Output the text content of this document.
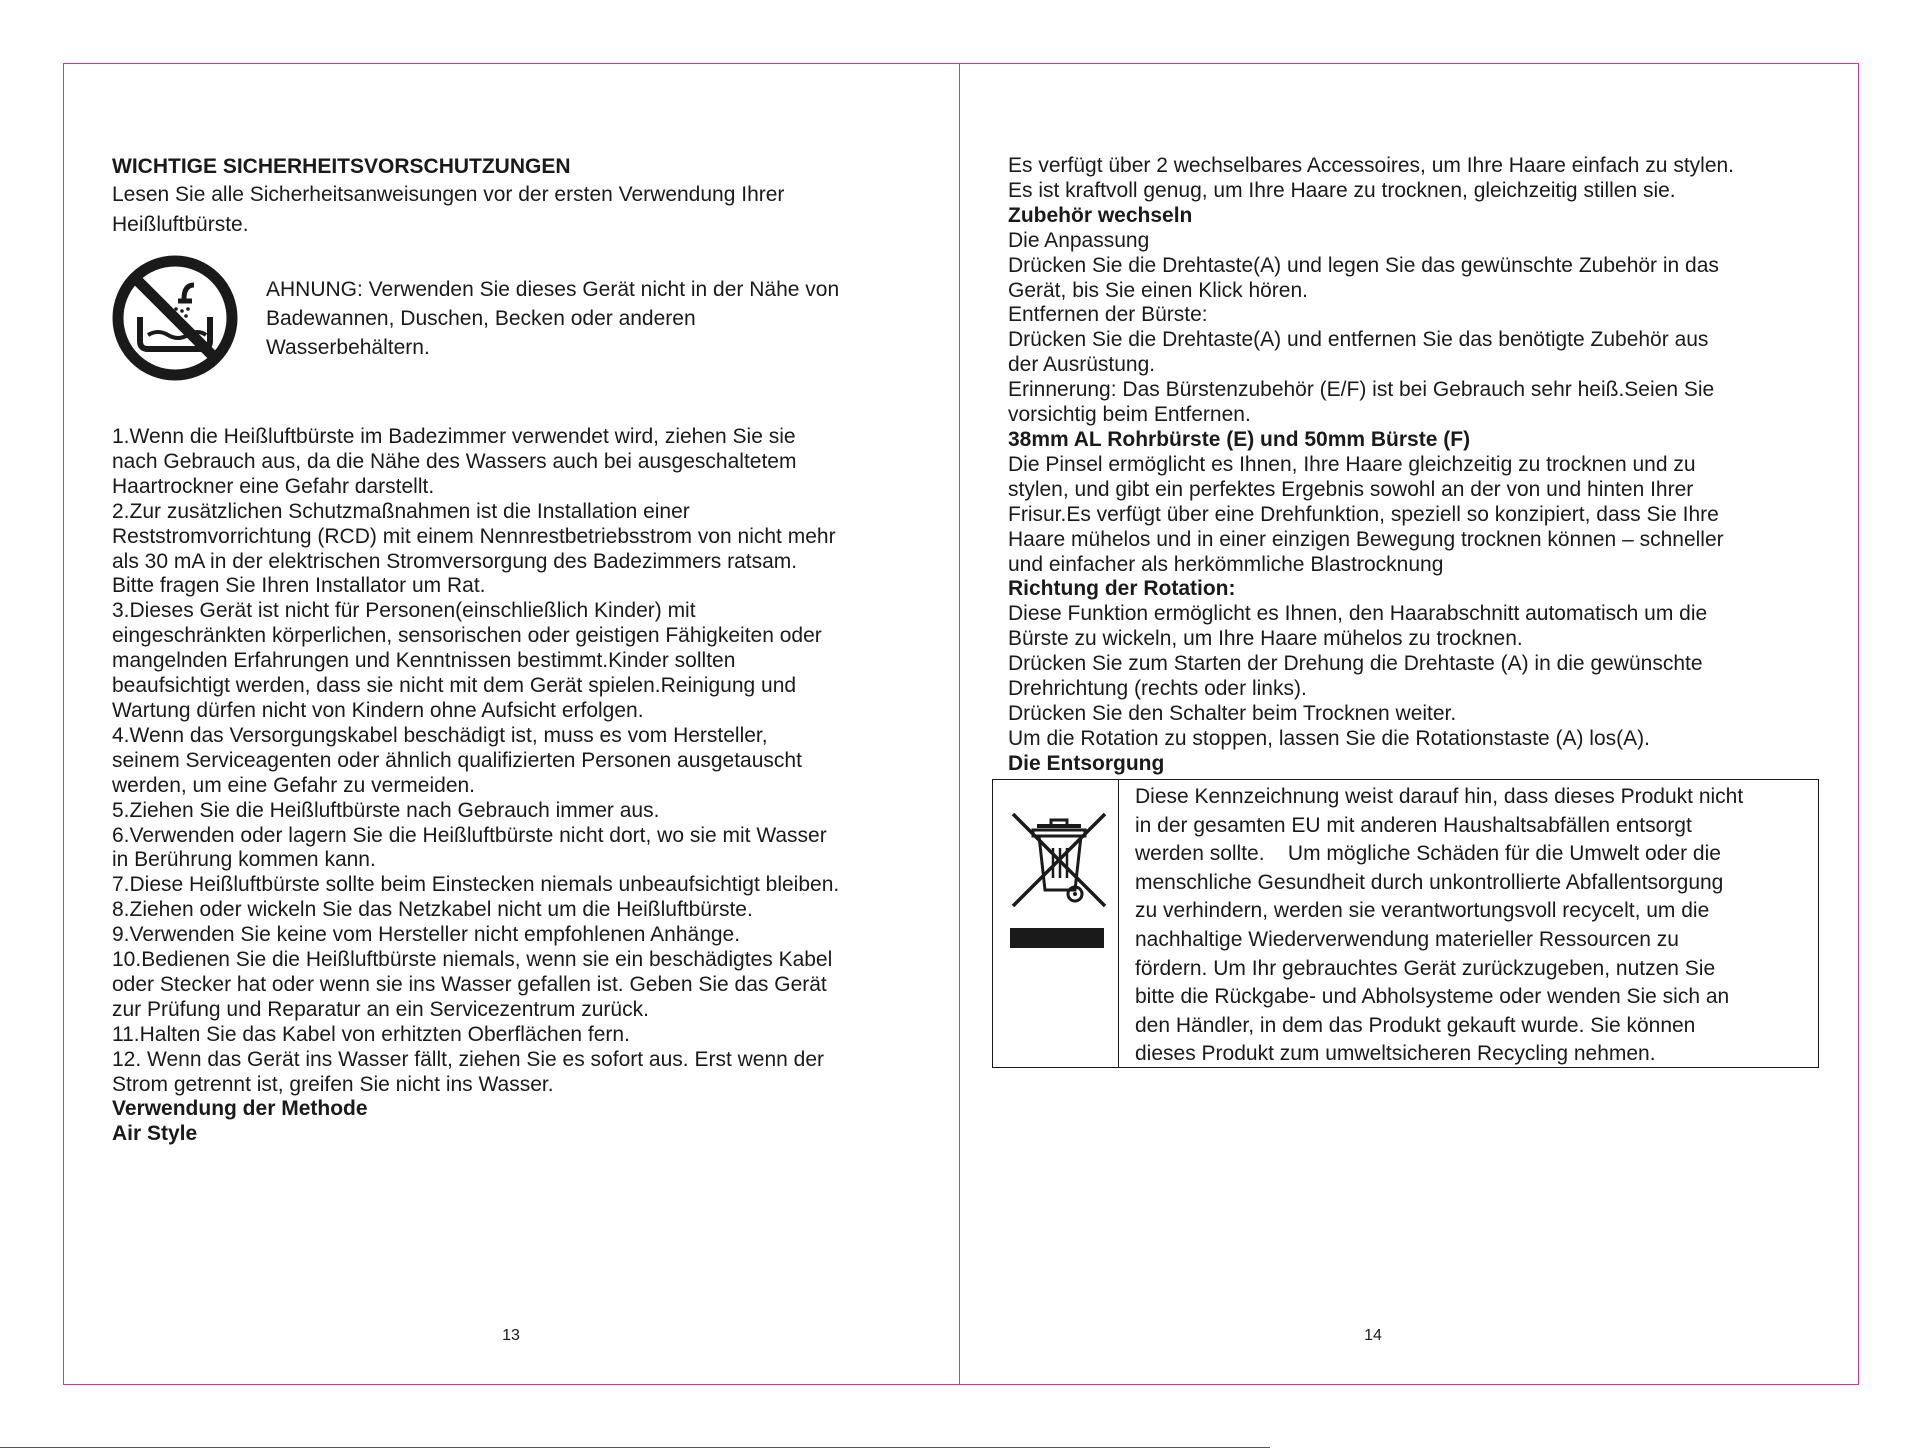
WICHTIGE SICHERHEITSVORSCHUTZUNGEN
Lesen Sie alle Sicherheitsanweisungen vor der ersten Verwendung Ihrer
Heißluftbürste.
AHNUNG: Verwenden Sie dieses Gerät nicht in der Nähe von
Badewannen, Duschen, Becken oder anderen
Wasserbehältern.
1.Wenn die Heißluftbürste im Badezimmer verwendet wird, ziehen Sie sie
nach Gebrauch aus, da die Nähe des Wassers auch bei ausgeschaltetem
Haartrockner eine Gefahr darstellt.
2.Zur zusätzlichen Schutzmaßnahmen ist die Installation einer
Reststromvorrichtung (RCD) mit einem Nennrestbetriebsstrom von nicht mehr
als 30 mA in der elektrischen Stromversorgung des Badezimmers ratsam.
Bitte fragen Sie Ihren Installator um Rat.
3.Dieses Gerät ist nicht für Personen(einschließlich Kinder) mit
eingeschränkten körperlichen, sensorischen oder geistigen Fähigkeiten oder
mangelnden Erfahrungen und Kenntnissen bestimmt.Kinder sollten
beaufsichtigt werden, dass sie nicht mit dem Gerät spielen.Reinigung und
Wartung dürfen nicht von Kindern ohne Aufsicht erfolgen.
4.Wenn das Versorgungskabel beschädigt ist, muss es vom Hersteller,
seinem Serviceagenten oder ähnlich qualifizierten Personen ausgetauscht
werden, um eine Gefahr zu vermeiden.
5.Ziehen Sie die Heißluftbürste nach Gebrauch immer aus.
6.Verwenden oder lagern Sie die Heißluftbürste nicht dort, wo sie mit Wasser
in Berührung kommen kann.
7.Diese Heißluftbürste sollte beim Einstecken niemals unbeaufsichtigt bleiben.
8.Ziehen oder wickeln Sie das Netzkabel nicht um die Heißluftbürste.
9.Verwenden Sie keine vom Hersteller nicht empfohlenen Anhänge.
10.Bedienen Sie die Heißluftbürste niemals, wenn sie ein beschädigtes Kabel
oder Stecker hat oder wenn sie ins Wasser gefallen ist. Geben Sie das Gerät
zur Prüfung und Reparatur an ein Servicezentrum zurück.
11.Halten Sie das Kabel von erhitzten Oberflächen fern.
12. Wenn das Gerät ins Wasser fällt, ziehen Sie es sofort aus. Erst wenn der
Strom getrennt ist, greifen Sie nicht ins Wasser.
Verwendung der Methode
Air Style
13
Es verfügt über 2 wechselbares Accessoires, um Ihre Haare einfach zu stylen.
Es ist kraftvoll genug, um Ihre Haare zu trocknen, gleichzeitig stillen sie.
Zubehör wechseln
Die Anpassung
Drücken Sie die Drehtaste(A) und legen Sie das gewünschte Zubehör in das
Gerät, bis Sie einen Klick hören.
Entfernen der Bürste:
Drücken Sie die Drehtaste(A) und entfernen Sie das benötigte Zubehör aus
der Ausrüstung.
Erinnerung: Das Bürstenzubehör (E/F) ist bei Gebrauch sehr heiß.Seien Sie
vorsichtig beim Entfernen.
38mm AL Rohrbürste (E) und 50mm Bürste (F)
Die Pinsel ermöglicht es Ihnen, Ihre Haare gleichzeitig zu trocknen und zu
stylen, und gibt ein perfektes Ergebnis sowohl an der von und hinten Ihrer
Frisur.Es verfügt über eine Drehfunktion, speziell so konzipiert, dass Sie Ihre
Haare mühelos und in einer einzigen Bewegung trocknen können – schneller
und einfacher als herkömmliche Blastrocknung
Richtung der Rotation:
Diese Funktion ermöglicht es Ihnen, den Haarabschnitt automatisch um die
Bürste zu wickeln, um Ihre Haare mühelos zu trocknen.
Drücken Sie zum Starten der Drehung die Drehtaste (A) in die gewünschte
Drehrichtung (rechts oder links).
Drücken Sie den Schalter beim Trocknen weiter.
Um die Rotation zu stoppen, lassen Sie die Rotationstaste (A) los(A).
Die Entsorgung
Diese Kennzeichnung weist darauf hin, dass dieses Produkt nicht
in der gesamten EU mit anderen Haushaltsabfällen entsorgt
werden sollte.    Um mögliche Schäden für die Umwelt oder die
menschliche Gesundheit durch unkontrollierte Abfallentsorgung
zu verhindern, werden sie verantwortungsvoll recycelt, um die
nachhaltige Wiederverwendung materieller Ressourcen zu
fördern. Um Ihr gebrauchtes Gerät zurückzugeben, nutzen Sie
bitte die Rückgabe- und Abholsysteme oder wenden Sie sich an
den Händler, in dem das Produkt gekauft wurde. Sie können
dieses Produkt zum umweltsicheren Recycling nehmen.
14
